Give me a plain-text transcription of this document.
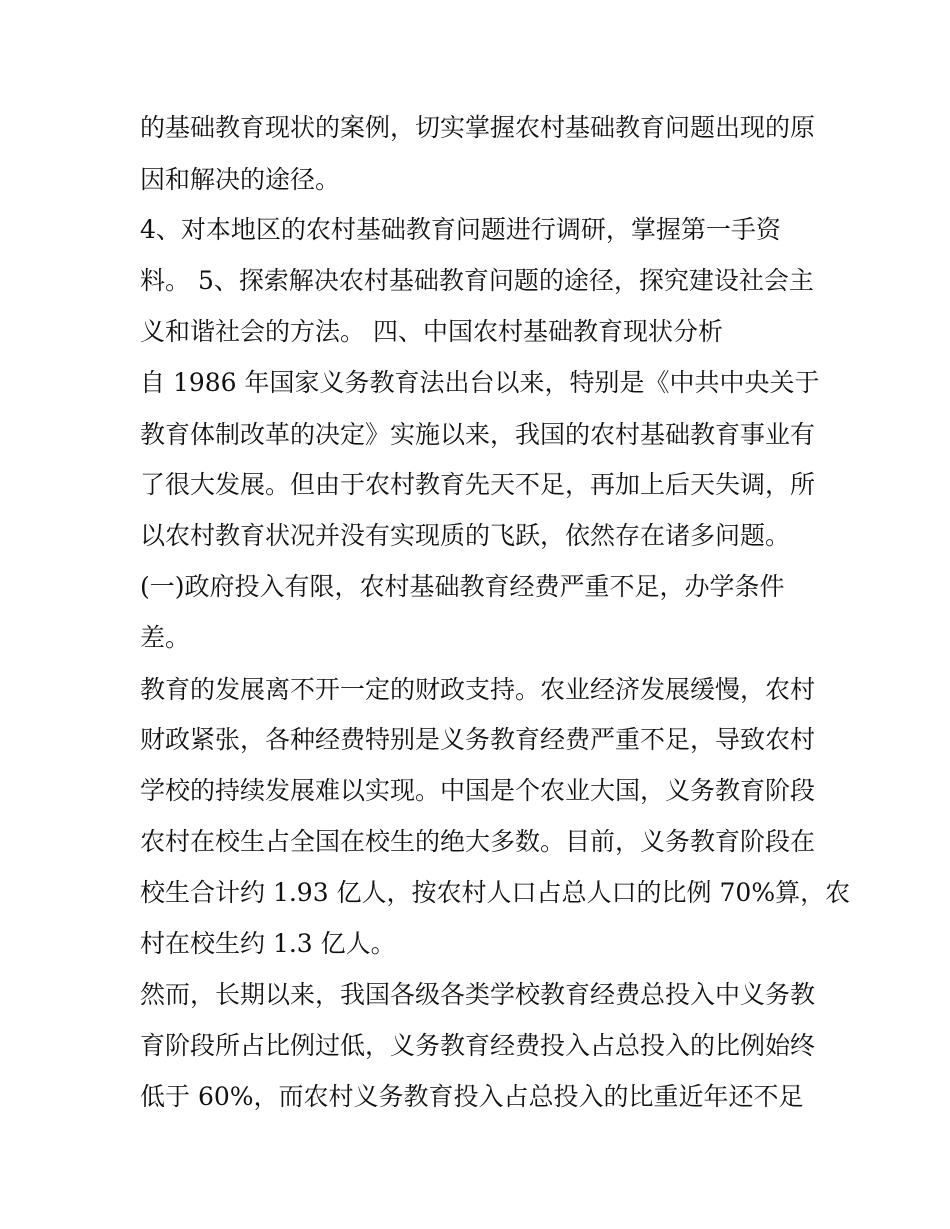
的基础教育现状的案例，切实掌握农村基础教育问题出现的原
因和解决的途径。
4、对本地区的农村基础教育问题进行调研，掌握第一手资
料。 5、探索解决农村基础教育问题的途径，探究建设社会主
义和谐社会的方法。 四、中国农村基础教育现状分析
自 1986 年国家义务教育法出台以来，特别是《中共中央关于
教育体制改革的决定》实施以来，我国的农村基础教育事业有
了很大发展。但由于农村教育先天不足，再加上后天失调，所
以农村教育状况并没有实现质的飞跃，依然存在诸多问题。
(一)政府投入有限，农村基础教育经费严重不足，办学条件
差。
教育的发展离不开一定的财政支持。农业经济发展缓慢，农村
财政紧张，各种经费特别是义务教育经费严重不足，导致农村
学校的持续发展难以实现。中国是个农业大国，义务教育阶段
农村在校生占全国在校生的绝大多数。目前，义务教育阶段在
校生合计约 1.93 亿人，按农村人口占总人口的比例 70%算，农
村在校生约 1.3 亿人。
然而，长期以来，我国各级各类学校教育经费总投入中义务教
育阶段所占比例过低，义务教育经费投入占总投入的比例始终
低于 60%，而农村义务教育投入占总投入的比重近年还不足
